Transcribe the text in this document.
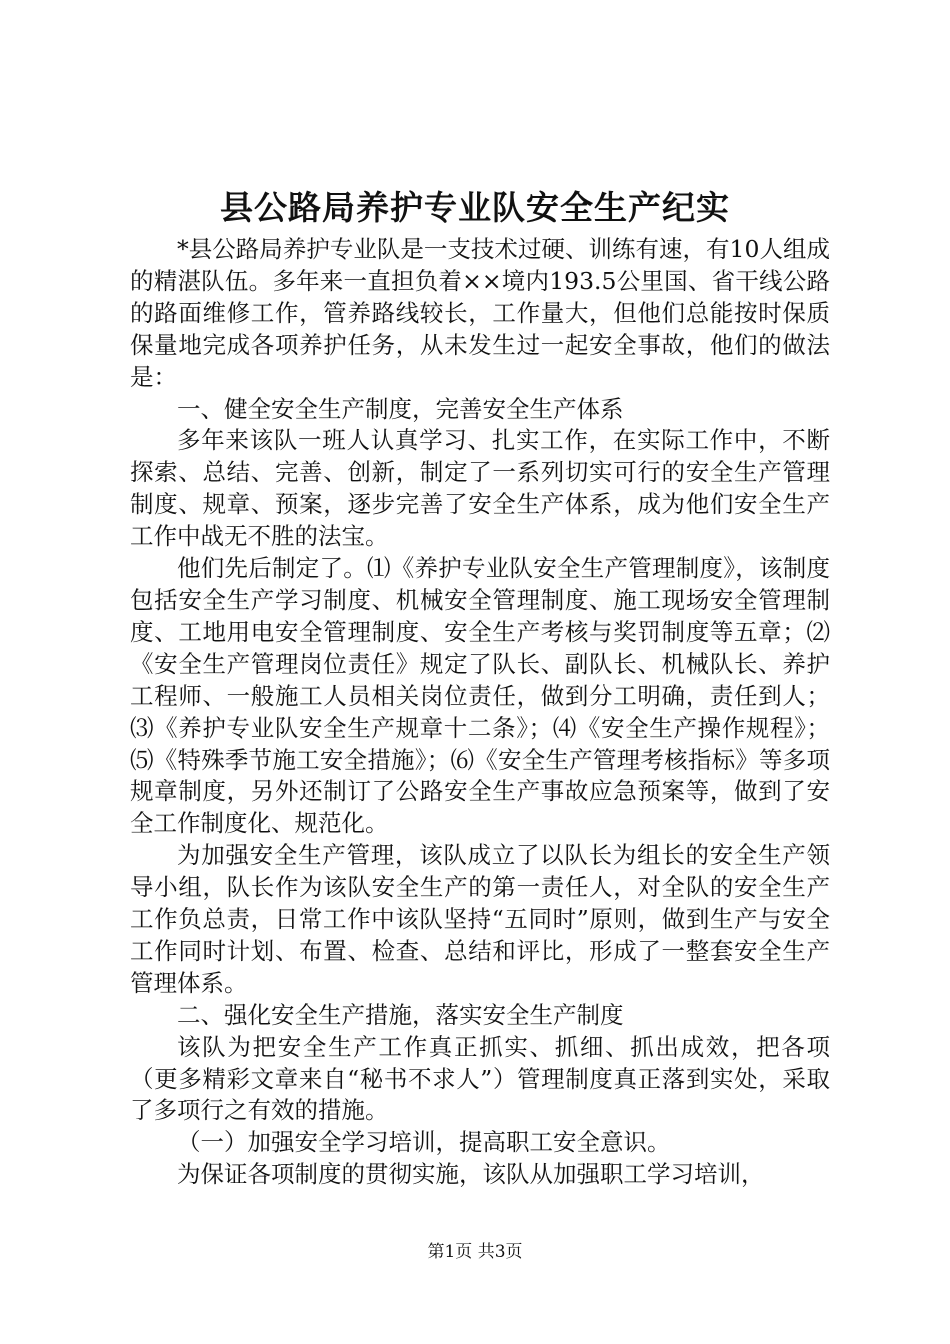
县公路局养护专业队安全生产纪实

*县公路局养护专业队是一支技术过硬、训练有速，有10人组成的精湛队伍。多年来一直担负着××境内193.5公里国、省干线公路的路面维修工作，管养路线较长，工作量大，但他们总能按时保质保量地完成各项养护任务，从未发生过一起安全事故，他们的做法是：

一、健全安全生产制度，完善安全生产体系

多年来该队一班人认真学习、扎实工作，在实际工作中，不断探索、总结、完善、创新，制定了一系列切实可行的安全生产管理制度、规章、预案，逐步完善了安全生产体系，成为他们安全生产工作中战无不胜的法宝。

他们先后制定了。⑴《养护专业队安全生产管理制度》，该制度包括安全生产学习制度、机械安全管理制度、施工现场安全管理制度、工地用电安全管理制度、安全生产考核与奖罚制度等五章；⑵《安全生产管理岗位责任》规定了队长、副队长、机械队长、养护工程师、一般施工人员相关岗位责任，做到分工明确，责任到人；⑶《养护专业队安全生产规章十二条》；⑷《安全生产操作规程》；⑸《特殊季节施工安全措施》；⑹《安全生产管理考核指标》等多项规章制度，另外还制订了公路安全生产事故应急预案等，做到了安全工作制度化、规范化。

为加强安全生产管理，该队成立了以队长为组长的安全生产领导小组，队长作为该队安全生产的第一责任人，对全队的安全生产工作负总责，日常工作中该队坚持“五同时”原则，做到生产与安全工作同时计划、布置、检查、总结和评比，形成了一整套安全生产管理体系。

二、强化安全生产措施，落实安全生产制度

该队为把安全生产工作真正抓实、抓细、抓出成效，把各项（更多精彩文章来自“秘书不求人”）管理制度真正落到实处，采取了多项行之有效的措施。

（一）加强安全学习培训，提高职工安全意识。

为保证各项制度的贯彻实施，该队从加强职工学习培训，

第1页 共3页
